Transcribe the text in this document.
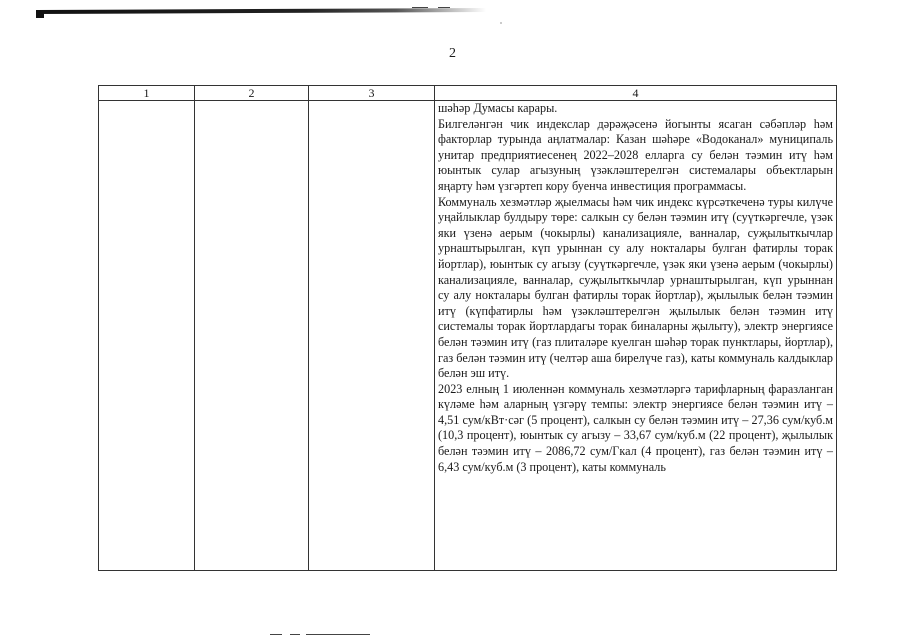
2
1	2	3	4

			шәһәр Думасы карары.

Билгеләнгән чик индекслар дәрәҗәсенә йогынты ясаган сәбәпләр һәм факторлар турында аңлатмалар: Казан шәһәре «Водоканал» муниципаль унитар предприятиесенең 2022–2028 елларга су белән тәэмин итү һәм юынтык сулар агызуның үзәкләштерелгән системалары объектларын яңарту һәм үзгәртеп кору буенча инвестиция программасы.

Коммуналь хезмәтләр җыелмасы һәм чик индекс күрсәткеченә туры килүче уңайлыклар булдыру төре: салкын су белән тәэмин итү (суүткәргечле, үзәк яки үзенә аерым (чокырлы) канализацияле, ванналар, суҗылыткычлар урнаштырылган, күп урыннан су алу нокталары булган фатирлы торак йортлар), юынтык су агызу (суүткәргечле, үзәк яки үзенә аерым (чокырлы) канализацияле, ванналар, суҗылыткычлар урнаштырылган, күп урыннан су алу нокталары булган фатирлы торак йортлар), җылылык белән тәэмин итү (күпфатирлы һәм үзәкләштерелгән җылылык белән тәэмин итү системалы торак йортлардагы торак биналарны җылыту), электр энергиясе белән тәэмин итү (газ плиталәре куелган шәһәр торак пунктлары, йортлар), газ белән тәэмин итү (челтәр аша бирелүче газ), каты коммуналь калдыклар белән эш итү.

2023 елның 1 июленнән коммуналь хезмәтләргә тарифларның фаразланган күләме һәм аларның үзгәрү темпы: электр энергиясе белән тәэмин итү – 4,51 сум/кВт·сәг (5 процент), салкын су белән тәэмин итү – 27,36 сум/куб.м (10,3 процент), юынтык су агызу – 33,67 сум/куб.м (22 процент), җылылык белән тәэмин итү – 2086,72 сум/Гкал (4 процент), газ белән тәэмин итү – 6,43 сум/куб.м (3 процент), каты коммуналь
